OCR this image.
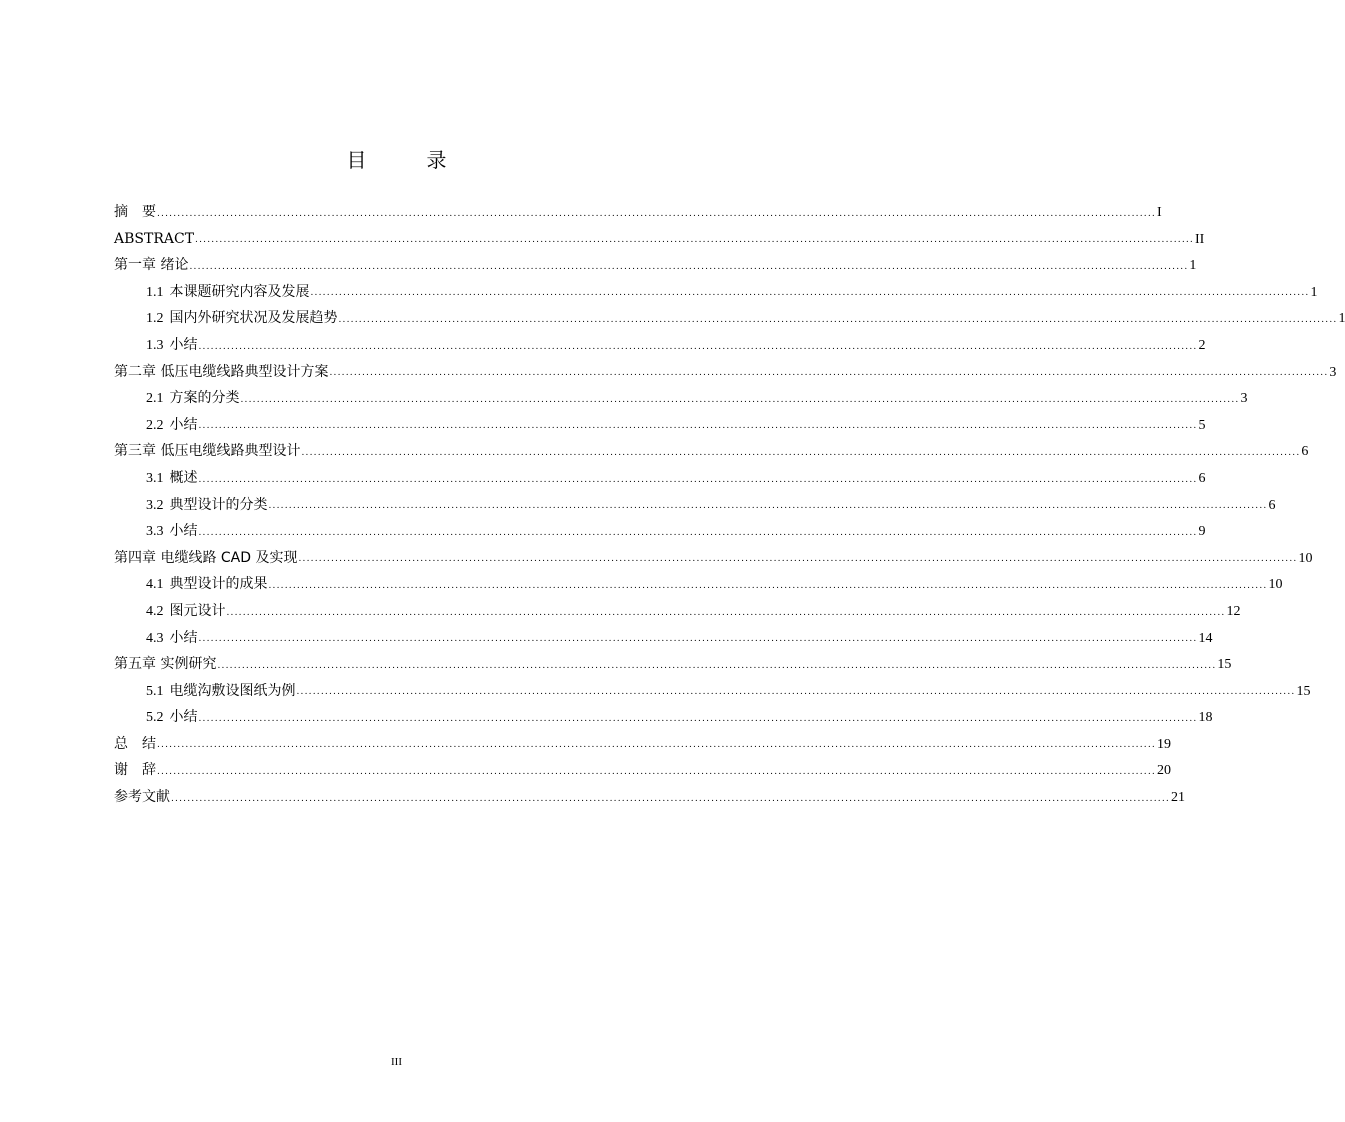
目　录
摘　要 ...................................................................................................................................................................................................................................................... I
ABSTRACT ...................................................................................................................................................................................................................................................... II
第一章 绪论 ...................................................................................................................................................................................................................................................... 1
1.1 本课题研究内容及发展 ...................................................................................................................................................................................................................................................... 1
1.2 国内外研究状况及发展趋势 ...................................................................................................................................................................................................................................................... 1
1.3 小结 ...................................................................................................................................................................................................................................................... 2
第二章 低压电缆线路典型设计方案 ...................................................................................................................................................................................................................................................... 3
2.1 方案的分类 ...................................................................................................................................................................................................................................................... 3
2.2 小结 ...................................................................................................................................................................................................................................................... 5
第三章 低压电缆线路典型设计 ...................................................................................................................................................................................................................................................... 6
3.1 概述 ...................................................................................................................................................................................................................................................... 6
3.2 典型设计的分类 ...................................................................................................................................................................................................................................................... 6
3.3 小结 ...................................................................................................................................................................................................................................................... 9
第四章 电缆线路 CAD 及实现 ...................................................................................................................................................................................................................................................... 10
4.1 典型设计的成果 ...................................................................................................................................................................................................................................................... 10
4.2 图元设计 ...................................................................................................................................................................................................................................................... 12
4.3 小结 ...................................................................................................................................................................................................................................................... 14
第五章 实例研究 ...................................................................................................................................................................................................................................................... 15
5.1 电缆沟敷设图纸为例 ...................................................................................................................................................................................................................................................... 15
5.2 小结 ...................................................................................................................................................................................................................................................... 18
总　结 ...................................................................................................................................................................................................................................................... 19
谢　辞 ...................................................................................................................................................................................................................................................... 20
参考文献 ...................................................................................................................................................................................................................................................... 21
III
